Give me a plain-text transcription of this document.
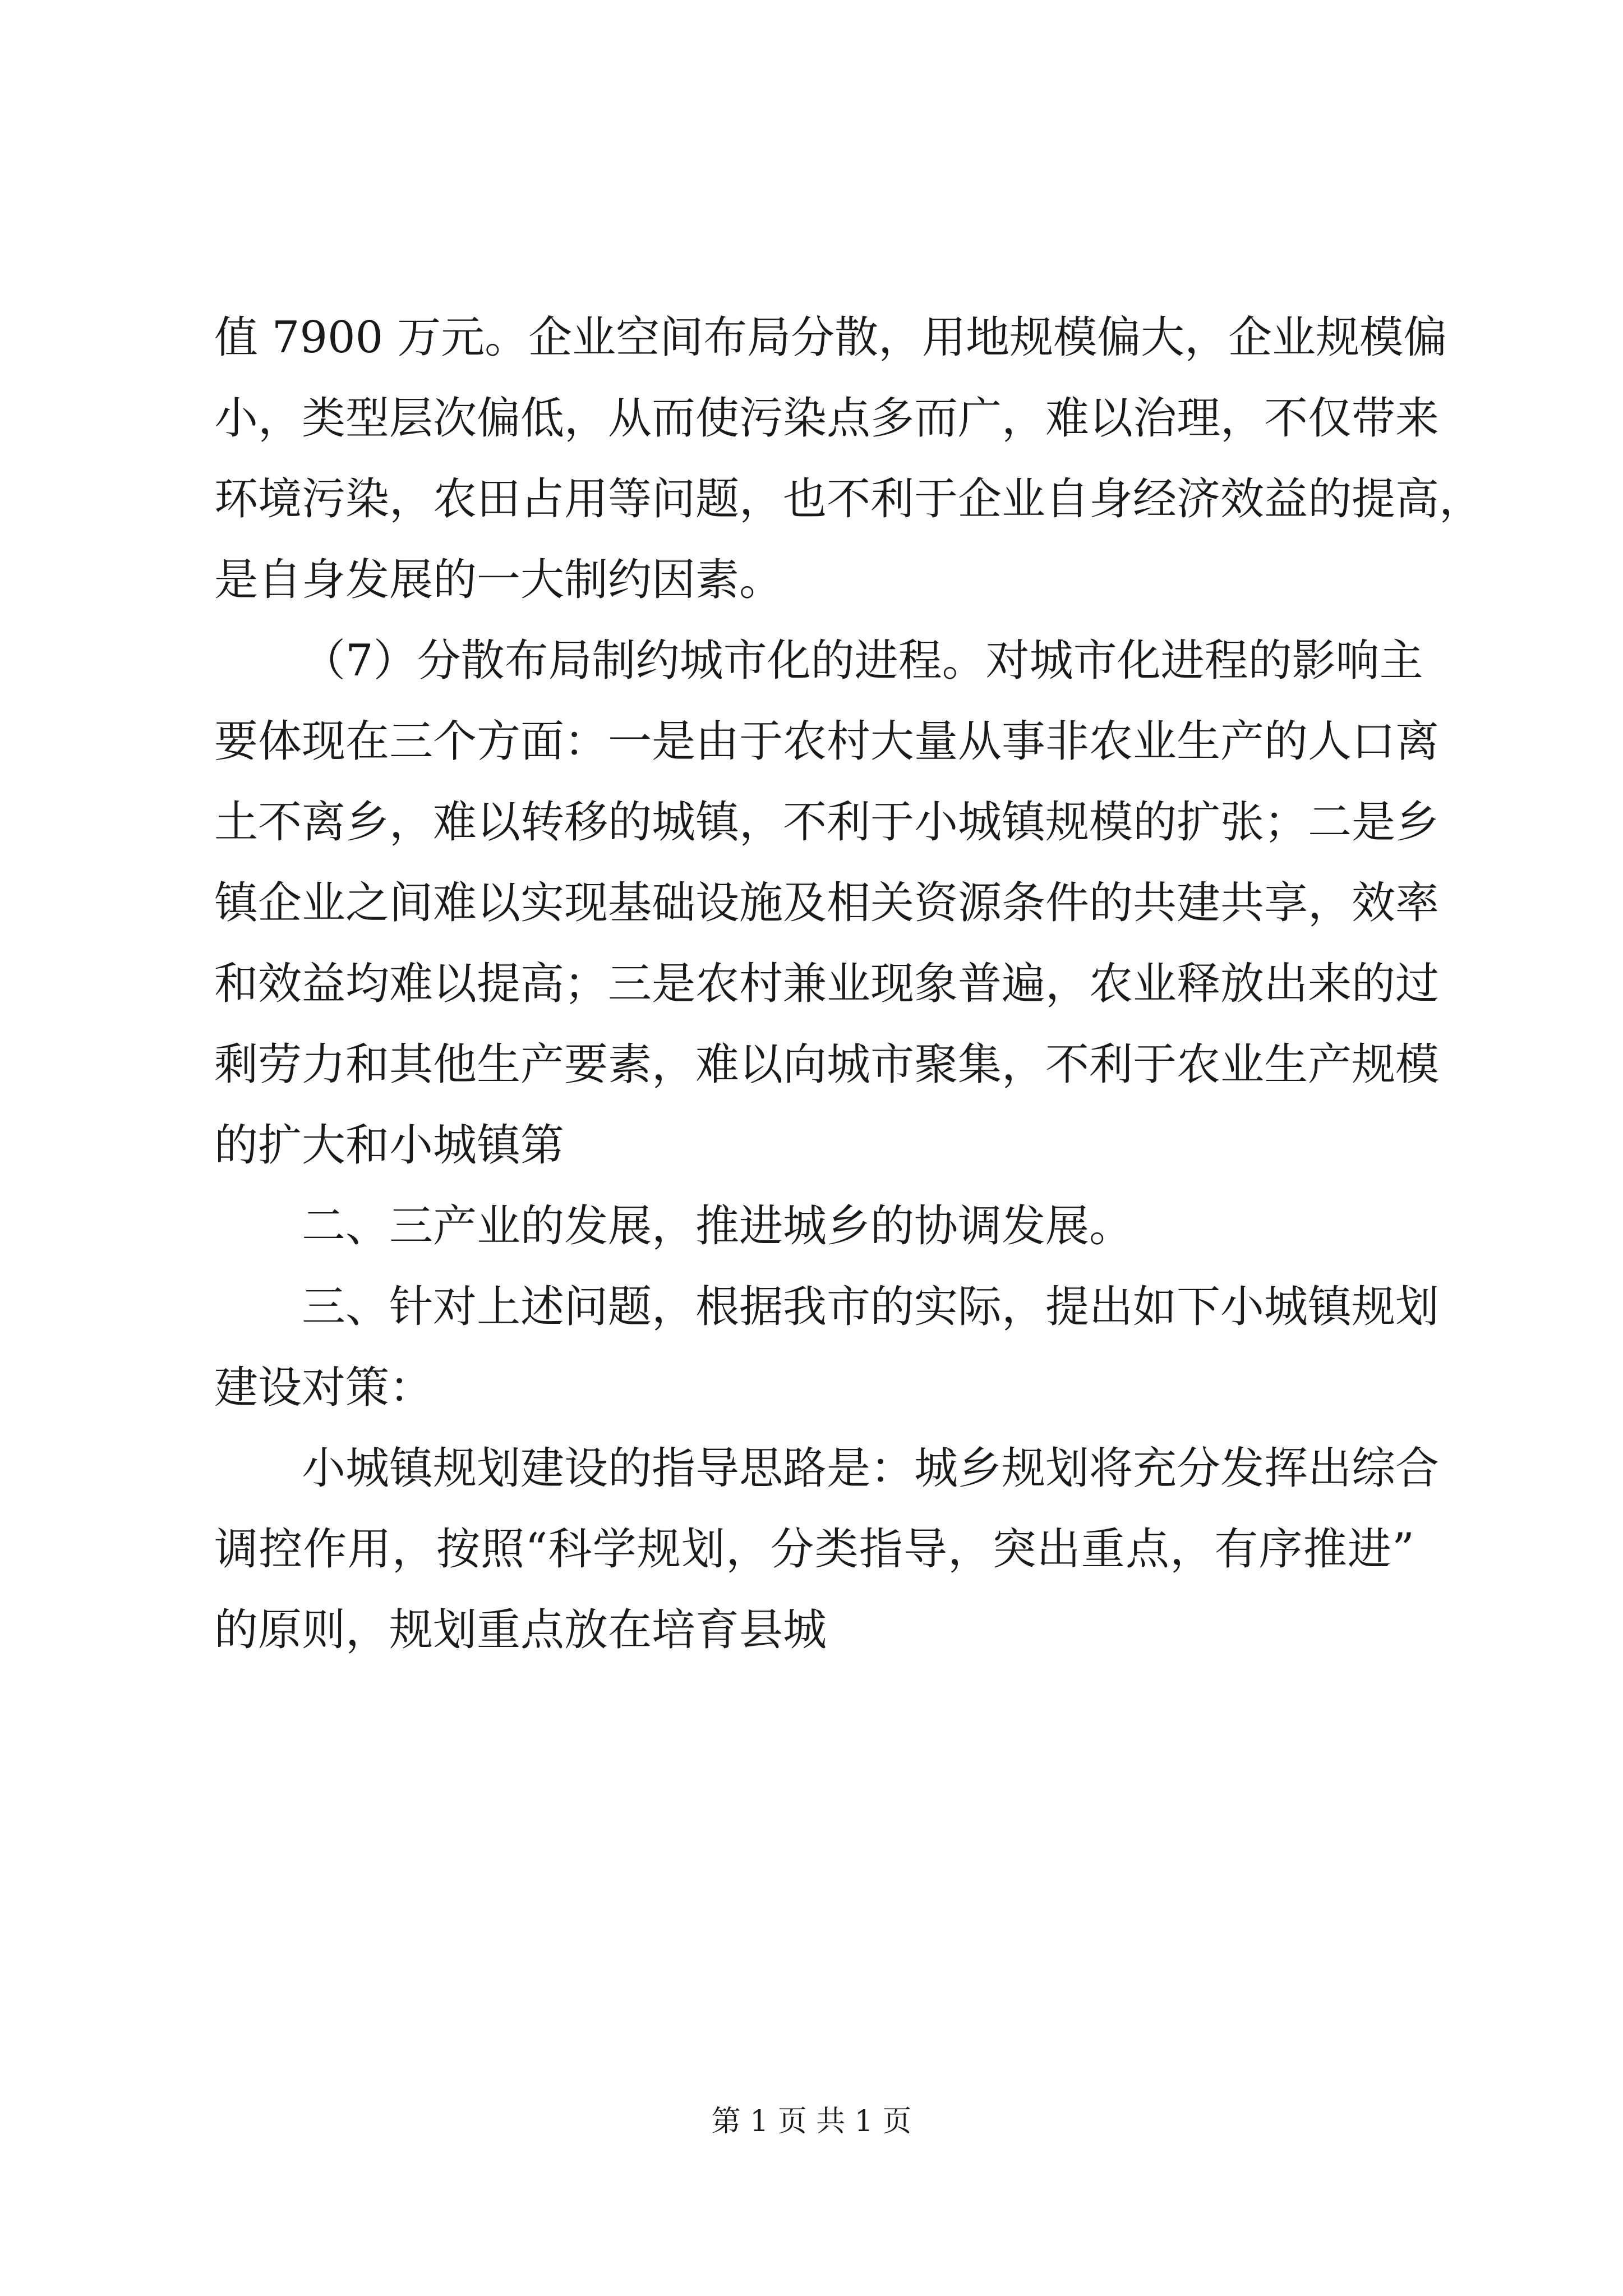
值 7900 万元。企业空间布局分散，用地规模偏大，企业规模偏
小，类型层次偏低，从而使污染点多而广，难以治理，不仅带来
环境污染，农田占用等问题，也不利于企业自身经济效益的提高，
是自身发展的一大制约因素。
（7）分散布局制约城市化的进程。对城市化进程的影响主
要体现在三个方面：一是由于农村大量从事非农业生产的人口离
土不离乡，难以转移的城镇，不利于小城镇规模的扩张；二是乡
镇企业之间难以实现基础设施及相关资源条件的共建共享，效率
和效益均难以提高；三是农村兼业现象普遍，农业释放出来的过
剩劳力和其他生产要素，难以向城市聚集，不利于农业生产规模
的扩大和小城镇第
二、三产业的发展，推进城乡的协调发展。
三、针对上述问题，根据我市的实际，提出如下小城镇规划
建设对策：
小城镇规划建设的指导思路是：城乡规划将充分发挥出综合
调控作用，按照“科学规划，分类指导，突出重点，有序推进”
的原则，规划重点放在培育县城
第 1 页 共 1 页
